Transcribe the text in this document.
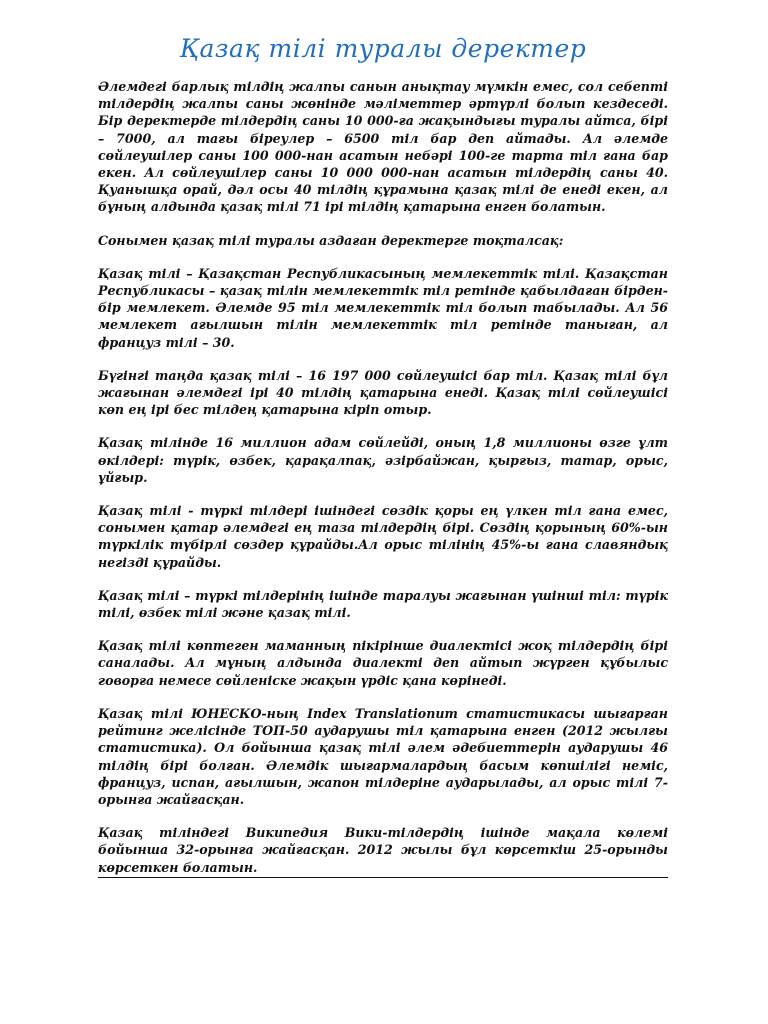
Қазақ тілі туралы деректер

Әлемдегі барлық тілдің жалпы санын анықтау мүмкін емес, сол себепті тілдердің жалпы саны жөнінде мәліметтер әртүрлі болып кездеседі. Бір деректерде тілдердің саны 10 000-ға жақындығы туралы айтса, бірі – 7000, ал тағы біреулер – 6500 тіл бар деп айтады. Ал әлемде сөйлеушілер саны 100 000-нан асатын небәрі 100-ге тарта тіл ғана бар екен. Ал сөйлеушілер саны 10 000 000-нан асатын тілдердің саны 40. Қуанышқа орай, дәл осы 40 тілдің құрамына қазақ тілі де енеді екен, ал бұның алдында қазақ тілі 71 ірі тілдің қатарына енген болатын.

Сонымен қазақ тілі туралы аздаған деректерге тоқталсақ:

Қазақ тілі – Қазақстан Республикасының мемлекеттік тілі. Қазақстан Республикасы – қазақ тілін мемлекеттік тіл ретінде қабылдаған бірден-бір мемлекет. Әлемде 95 тіл мемлекеттік тіл болып табылады. Ал 56 мемлекет ағылшын тілін мемлекеттік тіл ретінде таныған, ал француз тілі – 30.

Бүгінгі таңда қазақ тілі – 16 197 000 сөйлеушісі бар тіл. Қазақ тілі бұл жағынан әлемдегі ірі 40 тілдің қатарына енеді. Қазақ тілі сөйлеушісі көп ең ірі бес тілдең қатарына кіріп отыр.

Қазақ тілінде 16 миллион адам сөйлейді, оның 1,8 миллионы өзге ұлт өкілдері: түрік, өзбек, қарақалпақ, әзірбайжан, қырғыз, татар, орыс, ұйғыр.

Қазақ тілі - түркі тілдері ішіндегі сөздік қоры ең үлкен тіл ғана емес, сонымен қатар әлемдегі ең таза тілдердің бірі. Сөздің қорының 60%-ын түркілік түбірлі сөздер құрайды.Ал орыс тілінің 45%-ы ғана славяндық негізді құрайды.

Қазақ тілі – түркі тілдерінің ішінде таралуы жағынан үшінші тіл: түрік тілі, өзбек тілі және қазақ тілі.

Қазақ тілі көптеген маманның пікірінше диалектісі жоқ тілдердің бірі саналады. Ал мұның алдында диалекті деп айтып жүрген құбылыс говорға немесе сөйленіске жақын үрдіс қана көрінеді.

Қазақ тілі ЮНЕСКО-ның Index Translationum статистикасы шығарған рейтинг желісінде ТОП-50 аударушы тіл қатарына енген (2012 жылғы статистика). Ол бойынша қазақ тілі әлем әдебиеттерін аударушы 46 тілдің бірі болған. Әлемдік шығармалардың басым көпшілігі неміс, француз, испан, ағылшын, жапон тілдеріне аударылады, ал орыс тілі 7-орынға жайғасқан.

Қазақ тіліндегі Википедия Вики-тілдердің ішінде мақала көлемі бойынша 32-орынға жайғасқан. 2012 жылы бұл көрсеткіш 25-орынды көрсеткен болатын.
